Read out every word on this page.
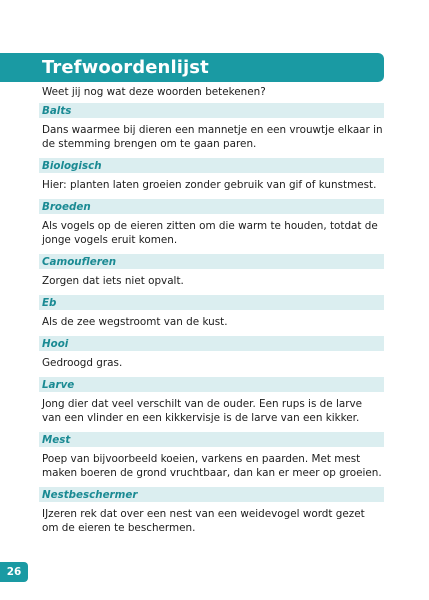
Trefwoordenlijst

Weet jij nog wat deze woorden betekenen?

Balts

Dans waarmee bij dieren een mannetje en een vrouwtje elkaar in de stemming brengen om te gaan paren.

Biologisch

Hier: planten laten groeien zonder gebruik van gif of kunstmest.

Broeden

Als vogels op de eieren zitten om die warm te houden, totdat de jonge vogels eruit komen.

Camoufleren

Zorgen dat iets niet opvalt.

Eb

Als de zee wegstroomt van de kust.

Hooi

Gedroogd gras.

Larve

Jong dier dat veel verschilt van de ouder. Een rups is de larve van een vlinder en een kikkervisje is de larve van een kikker.

Mest

Poep van bijvoorbeeld koeien, varkens en paarden. Met mest maken boeren de grond vruchtbaar, dan kan er meer op groeien.

Nestbeschermer

IJzeren rek dat over een nest van een weidevogel wordt gezet om de eieren te beschermen.

26
